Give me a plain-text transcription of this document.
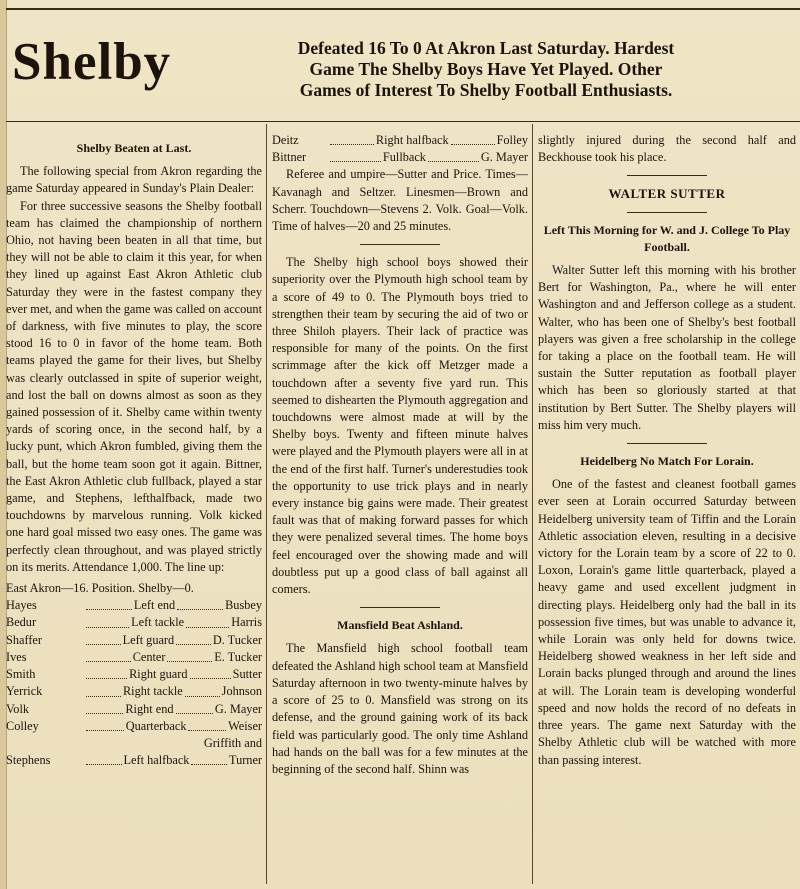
Shelby	Defeated 16 To 0 At Akron Last Saturday. Hardest
Game The Shelby Boys Have Yet Played. Other
Games of Interest To Shelby Football Enthusiasts.
Shelby Beaten at Last.

The following special from Akron regarding the game Saturday appeared in Sunday's Plain Dealer:

For three successive seasons the Shelby football team has claimed the championship of northern Ohio, not having been beaten in all that time, but they will not be able to claim it this year, for when they lined up against East Akron Athletic club Saturday they were in the fastest company they ever met, and when the game was called on account of darkness, with five minutes to play, the score stood 16 to 0 in favor of the home team. Both teams played the game for their lives, but Shelby was clearly outclassed in spite of superior weight, and lost the ball on downs almost as soon as they gained possession of it. Shelby came within twenty yards of scoring once, in the second half, by a lucky punt, which Akron fumbled, giving them the ball, but the home team soon got it again. Bittner, the East Akron Athletic club fullback, played a star game, and Stephens, lefthalfback, made two touchdowns by marvelous running. Volk kicked one hard goal missed two easy ones. The game was perfectly clean throughout, and was played strictly on its merits. Attendance 1,000. The line up:

East Akron—16. Position. Shelby—0.
Hayes	Left end	Busbey
Bedur	Left tackle	Harris
Shaffer	Left guard	D. Tucker
Ives	Center	E. Tucker
Smith	Right guard	Sutter
Yerrick	Right tackle	Johnson
Volk	Right end	G. Mayer
Colley	Quarterback	Weiser
Griffith and
Stephens	Left halfback	Turner
Deitz	Right halfback	Folley
Bittner	Fullback	G. Mayer

Referee and umpire—Sutter and Price. Times—Kavanagh and Seltzer. Linesmen—Brown and Scherr. Touchdown—Stevens 2. Volk. Goal—Volk. Time of halves—20 and 25 minutes.

The Shelby high school boys showed their superiority over the Plymouth high school team by a score of 49 to 0. The Plymouth boys tried to strengthen their team by securing the aid of two or three Shiloh players. Their lack of practice was responsible for many of the points. On the first scrimmage after the kick off Metzger made a touchdown after a seventy five yard run. This seemed to dishearten the Plymouth aggregation and touchdowns were almost made at will by the Shelby boys. Twenty and fifteen minute halves were played and the Plymouth players were all in at the end of the first half. Turner's underestudies took the opportunity to use trick plays and in nearly every instance big gains were made. Their greatest fault was that of making forward passes for which they were penalized several times. The home boys feel encouraged over the showing made and will doubtless put up a good class of ball against all comers.

Mansfield Beat Ashland.

The Mansfield high school football team defeated the Ashland high school team at Mansfield Saturday afternoon in two twenty-minute halves by a score of 25 to 0. Mansfield was strong on its defense, and the ground gaining work of its back field was particularly good. The only time Ashland had hands on the ball was for a few minutes at the beginning of the second half. Shinn was

slightly injured during the second half and Beckhouse took his place.

WALTER SUTTER
Left This Morning for W. and J. College To Play Football.

Walter Sutter left this morning with his brother Bert for Washington, Pa., where he will enter Washington and and Jefferson college as a student. Walter, who has been one of Shelby's best football players was given a free scholarship in the college for taking a place on the football team. He will sustain the Sutter reputation as football player which has been so gloriously started at that institution by Bert Sutter. The Shelby players will miss him very much.

Heidelberg No Match For Lorain.

One of the fastest and cleanest football games ever seen at Lorain occurred Saturday between Heidelberg university team of Tiffin and the Lorain Athletic association eleven, resulting in a decisive victory for the Lorain team by a score of 22 to 0. Loxon, Lorain's game little quarterback, played a heavy game and used excellent judgment in directing plays. Heidelberg only had the ball in its possession five times, but was unable to advance it, while Lorain was only held for downs twice. Heidelberg showed weakness in her left side and Lorain backs plunged through and around the lines at will. The Lorain team is developing wonderful speed and now holds the record of no defeats in three years. The game next Saturday with the Shelby Athletic club will be watched with more than passing interest.
